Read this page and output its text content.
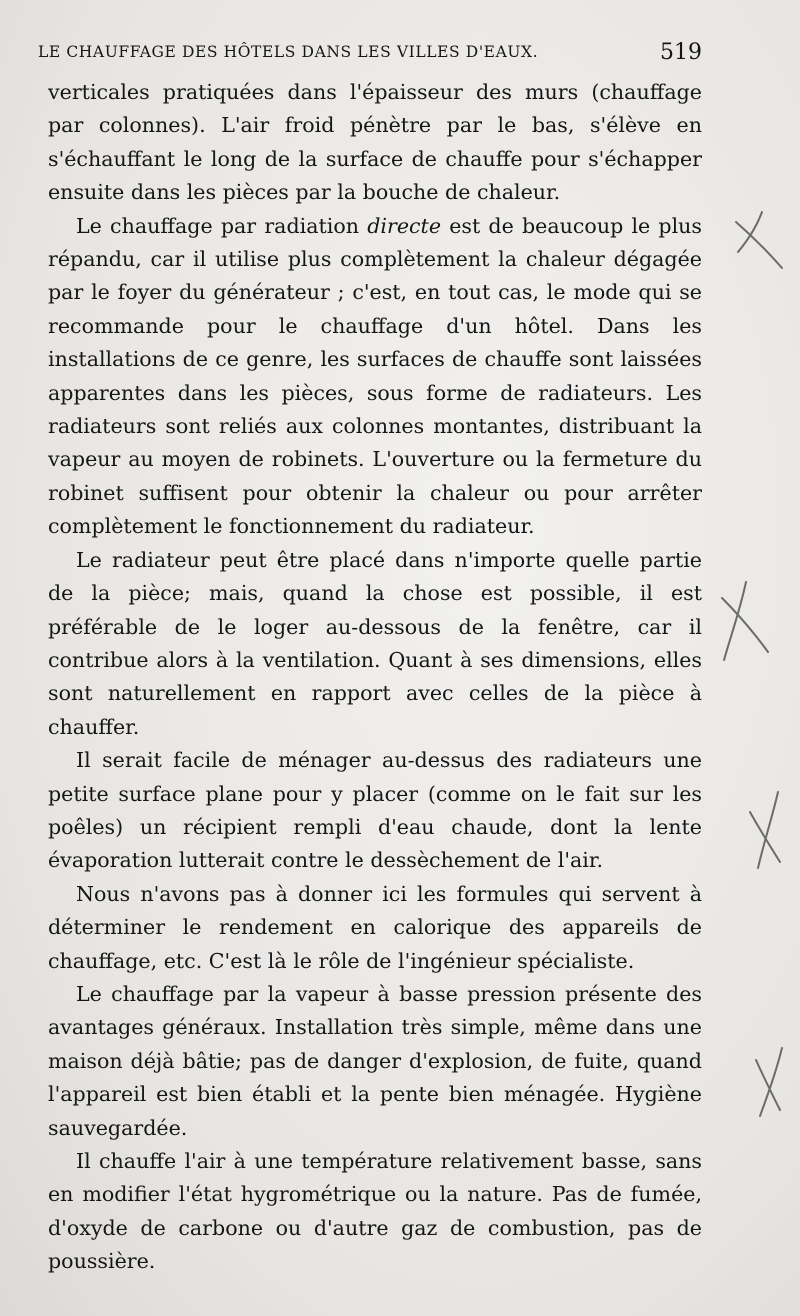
LE CHAUFFAGE DES HÔTELS DANS LES VILLES D'EAUX.	519

verticales pratiquées dans l'épaisseur des murs (chauffage par colonnes). L'air froid pénètre par le bas, s'élève en s'échauffant le long de la surface de chauffe pour s'échapper ensuite dans les pièces par la bouche de chaleur.

Le chauffage par radiation directe est de beaucoup le plus répandu, car il utilise plus complètement la chaleur dégagée par le foyer du générateur ; c'est, en tout cas, le mode qui se recommande pour le chauffage d'un hôtel. Dans les installations de ce genre, les surfaces de chauffe sont laissées apparentes dans les pièces, sous forme de radiateurs. Les radiateurs sont reliés aux colonnes montantes, distribuant la vapeur au moyen de robinets. L'ouverture ou la fermeture du robinet suffisent pour obtenir la chaleur ou pour arrêter complètement le fonctionnement du radiateur.

Le radiateur peut être placé dans n'importe quelle partie de la pièce; mais, quand la chose est possible, il est préférable de le loger au-dessous de la fenêtre, car il contribue alors à la ventilation. Quant à ses dimensions, elles sont naturellement en rapport avec celles de la pièce à chauffer.

Il serait facile de ménager au-dessus des radiateurs une petite surface plane pour y placer (comme on le fait sur les poêles) un récipient rempli d'eau chaude, dont la lente évaporation lutterait contre le dessèchement de l'air.

Nous n'avons pas à donner ici les formules qui servent à déterminer le rendement en calorique des appareils de chauffage, etc. C'est là le rôle de l'ingénieur spécialiste.

Le chauffage par la vapeur à basse pression présente des avantages généraux. Installation très simple, même dans une maison déjà bâtie; pas de danger d'explosion, de fuite, quand l'appareil est bien établi et la pente bien ménagée. Hygiène sauvegardée.

Il chauffe l'air à une température relativement basse, sans en modifier l'état hygrométrique ou la nature. Pas de fumée, d'oxyde de carbone ou d'autre gaz de combustion, pas de poussière.
